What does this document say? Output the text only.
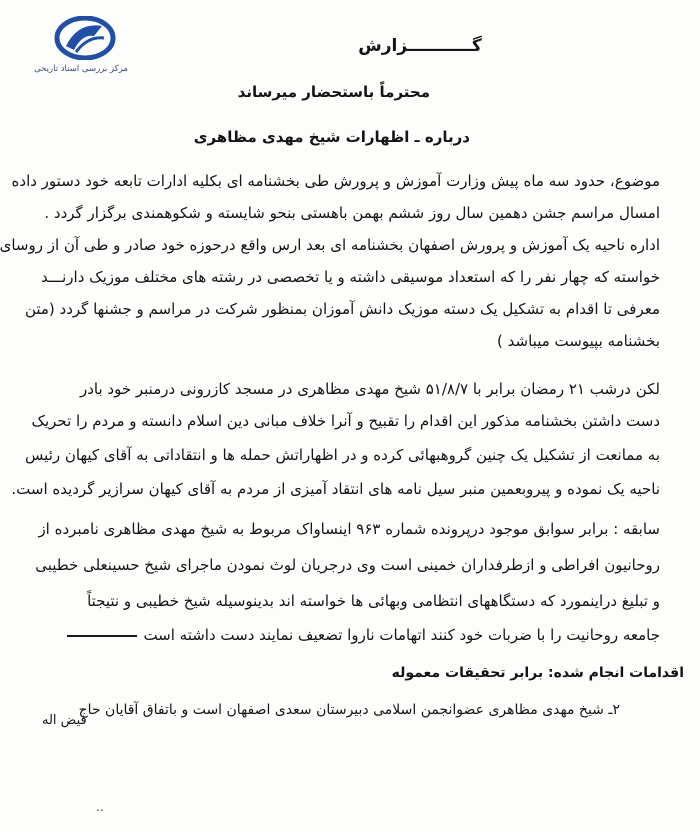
مرکز بررسی اسناد تاریخی
گـــــــــــزارش
محترماً باستحضار میرساند
درباره ـ اظهارات شیخ مهدی مظاهری
موضوع، حدود سه ماه پیش وزارت آموزش و پرورش طی بخشنامه ای بکلیه ادارات تابعه خود دستور داده
امسال مراسم جشن دهمین سال روز ششم بهمن باهستی بنحو شایسته و شکوهمندی برگزار گردد .
اداره ناحیه یک آموزش و پرورش اصفهان بخشنامه ای بعد ارس واقع درحوزه خود صادر و طی آن از روسای
خواسته که چهار نفر را که استعداد موسیقی داشته و یا تخصصی در رشته های مختلف موزیک دارنـــد
معرفی تا اقدام به تشکیل یک دسته موزیک دانش آموزان بمنظور شرکت در مراسم و جشنها گردد (متن
بخشنامه بپیوست میباشد )
لکن درشب ۲۱ رمضان برابر با ۵۱/۸/۷ شیخ مهدی مظاهری در مسجد کازرونی درمنبر خود بادر
دست داشتن بخشنامه مذکور این اقدام را تقبیح و آنرا خلاف مبانی دین اسلام دانسته و مردم را تحریک
به ممانعت از تشکیل یک چنین گروهبهائی کرده و در اظهاراتش حمله ها و انتقاداتی به آقای کیهان رئیس
ناحیه یک نموده و پیروبعمین منبر سیل نامه های انتقاد آمیزی از مردم به آقای کیهان سرازیر گردیده است.
سابقه : برابر سوابق موجود درپرونده شماره ۹۶۳ اینساواک مربوط به شیخ مهدی مظاهری نامبرده از
روحانیون افراطی و ازطرفداران خمینی است وی درجریان لوث نمودن ماجرای شیخ حسینعلی خطیبی
و تبلیغ دراینمورد که دستگاههای انتظامی وبهائی ها خواسته اند بدینوسیله شیخ خطیبی و نتیجتاً
جامعه روحانیت را با ضربات خود کنند اتهامات ناروا تضعیف نمایند دست داشته است
اقدامات انجام شده: برابر تحقیقات معموله
۲ـ شیخ مهدی مظاهری عضوانجمن اسلامی دبیرستان سعدی اصفهان است و باتفاق آقایان حاج
فیض اله
..
